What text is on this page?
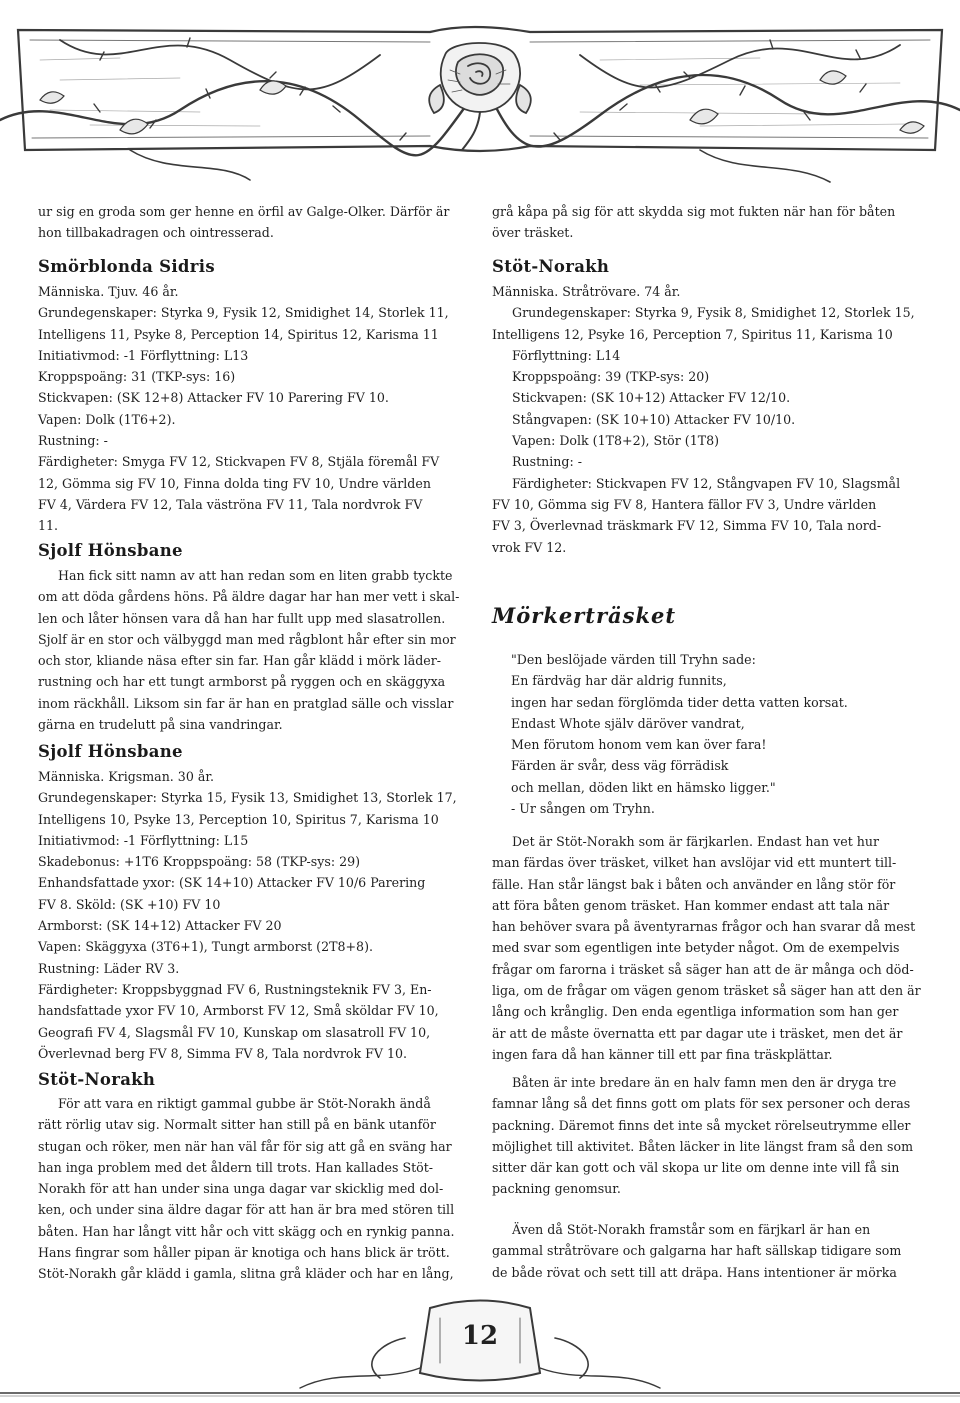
ur sig en groda som ger henne en örfil av Galge-Olker. Därför är
hon tillbakadragen och ointresserad.

Smörblonda Sidris

Människa. Tjuv. 46 år.
Grundegenskaper: Styrka 9, Fysik 12, Smidighet 14, Storlek 11,
Intelligens 11, Psyke 8, Perception 14, Spiritus 12, Karisma 11
Initiativmod: -1 Förflyttning: L13
Kroppspoäng: 31 (TKP-sys: 16)
Stickvapen: (SK 12+8) Attacker FV 10 Parering FV 10.
Vapen: Dolk (1T6+2).
Rustning: -
Färdigheter: Smyga FV 12, Stickvapen FV 8, Stjäla föremål FV
12, Gömma sig FV 10, Finna dolda ting FV 10, Undre världen
FV 4, Värdera FV 12, Tala väströna FV 11, Tala nordvrok FV
11.

Sjolf Hönsbane

Han fick sitt namn av att han redan som en liten grabb tyckte
om att döda gårdens höns. På äldre dagar har han mer vett i skal-
len och låter hönsen vara då han har fullt upp med slasatrollen.
Sjolf är en stor och välbyggd man med rågblont hår efter sin mor
och stor, kliande näsa efter sin far. Han går klädd i mörk läder-
rustning och har ett tungt armborst på ryggen och en skäggyxa
inom räckhåll. Liksom sin far är han en pratglad sälle och visslar
gärna en trudelutt på sina vandringar.

Sjolf Hönsbane

Människa. Krigsman. 30 år.
Grundegenskaper: Styrka 15, Fysik 13, Smidighet 13, Storlek 17,
Intelligens 10, Psyke 13, Perception 10, Spiritus 7, Karisma 10
Initiativmod: -1 Förflyttning: L15
Skadebonus: +1T6 Kroppspoäng: 58 (TKP-sys: 29)
Enhandsfattade yxor: (SK 14+10) Attacker FV 10/6 Parering
FV 8. Sköld: (SK +10) FV 10
Armborst: (SK 14+12) Attacker FV 20
Vapen: Skäggyxa (3T6+1), Tungt armborst (2T8+8).
Rustning: Läder RV 3.
Färdigheter: Kroppsbyggnad FV 6, Rustningsteknik FV 3, En-
handsfattade yxor FV 10, Armborst FV 12, Små sköldar FV 10,
Geografi FV 4, Slagsmål FV 10, Kunskap om slasatroll FV 10,
Överlevnad berg FV 8, Simma FV 8, Tala nordvrok FV 10.

Stöt-Norakh

För att vara en riktigt gammal gubbe är Stöt-Norakh ändå
rätt rörlig utav sig. Normalt sitter han still på en bänk utanför
stugan och röker, men när han väl får för sig att gå en sväng har
han inga problem med det åldern till trots. Han kallades Stöt-
Norakh för att han under sina unga dagar var skicklig med dol-
ken, och under sina äldre dagar för att han är bra med stören till
båten. Han har långt vitt hår och vitt skägg och en rynkig panna.
Hans fingrar som håller pipan är knotiga och hans blick är trött.
Stöt-Norakh går klädd i gamla, slitna grå kläder och har en lång,

grå kåpa på sig för att skydda sig mot fukten när han för båten
över träsket.

Stöt-Norakh

Människa. Stråtrövare. 74 år.
Grundegenskaper: Styrka 9, Fysik 8, Smidighet 12, Storlek 15,
Intelligens 12, Psyke 16, Perception 7, Spiritus 11, Karisma 10
Förflyttning: L14
Kroppspoäng: 39 (TKP-sys: 20)
Stickvapen: (SK 10+12) Attacker FV 12/10.
Stångvapen: (SK 10+10) Attacker FV 10/10.
Vapen: Dolk (1T8+2), Stör (1T8)
Rustning: -
Färdigheter: Stickvapen FV 12, Stångvapen FV 10, Slagsmål
FV 10, Gömma sig FV 8, Hantera fällor FV 3, Undre världen
FV 3, Överlevnad träskmark FV 12, Simma FV 10, Tala nord-
vrok FV 12.

Mörkerträsket

"Den beslöjade värden till Tryhn sade:
En färdväg har där aldrig funnits,
ingen har sedan förglömda tider detta vatten korsat.
Endast Whote själv däröver vandrat,
Men förutom honom vem kan över fara!
Färden är svår, dess väg förrädisk
och mellan, döden likt en hämsko ligger."
- Ur sången om Tryhn.

Det är Stöt-Norakh som är färjkarlen. Endast han vet hur
man färdas över träsket, vilket han avslöjar vid ett muntert till-
fälle. Han står längst bak i båten och använder en lång stör för
att föra båten genom träsket. Han kommer endast att tala när
han behöver svara på äventyrarnas frågor och han svarar då mest
med svar som egentligen inte betyder något. Om de exempelvis
frågar om farorna i träsket så säger han att de är många och död-
liga, om de frågar om vägen genom träsket så säger han att den är
lång och krånglig. Den enda egentliga information som han ger
är att de måste övernatta ett par dagar ute i träsket, men det är
ingen fara då han känner till ett par fina träskplättar.

Båten är inte bredare än en halv famn men den är dryga tre
famnar lång så det finns gott om plats för sex personer och deras
packning. Däremot finns det inte så mycket rörelseutrymme eller
möjlighet till aktivitet. Båten läcker in lite längst fram så den som
sitter där kan gott och väl skopa ur lite om denne inte vill få sin
packning genomsur.

Även då Stöt-Norakh framstår som en färjkarl är han en
gammal stråtrövare och galgarna har haft sällskap tidigare som
de både rövat och sett till att dräpa. Hans intentioner är mörka

12
